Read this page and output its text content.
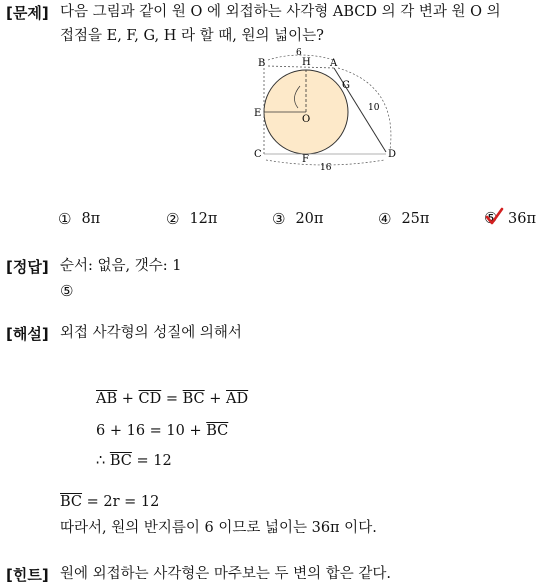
[문제] 다음 그림과 같이 원 O 에 외접하는 사각형 ABCD 의 각 변과 원 O 의
접점을 E, F, G, H 라 할 때, 원의 넓이는?
B	H A
G
E
O
C	F	D
6
10
16
① 8π	② 12π	③ 20π	④ 25π	⑤ 36π
[정답] 순서: 없음, 갯수: 1
⑤
[해설] 외접 사각형의 성질에 의해서
$\overline{AB} + \overline{CD} = \overline{BC} + \overline{AD}$
$6 + 16 = 10 + \overline{BC}$
∴ $\overline{BC} = 12$
$\overline{BC} = 2r = 12$
따라서, 원의 반지름이 6 이므로 넓이는 36π 이다.
[힌트] 원에 외접하는 사각형은 마주보는 두 변의 합은 같다.
